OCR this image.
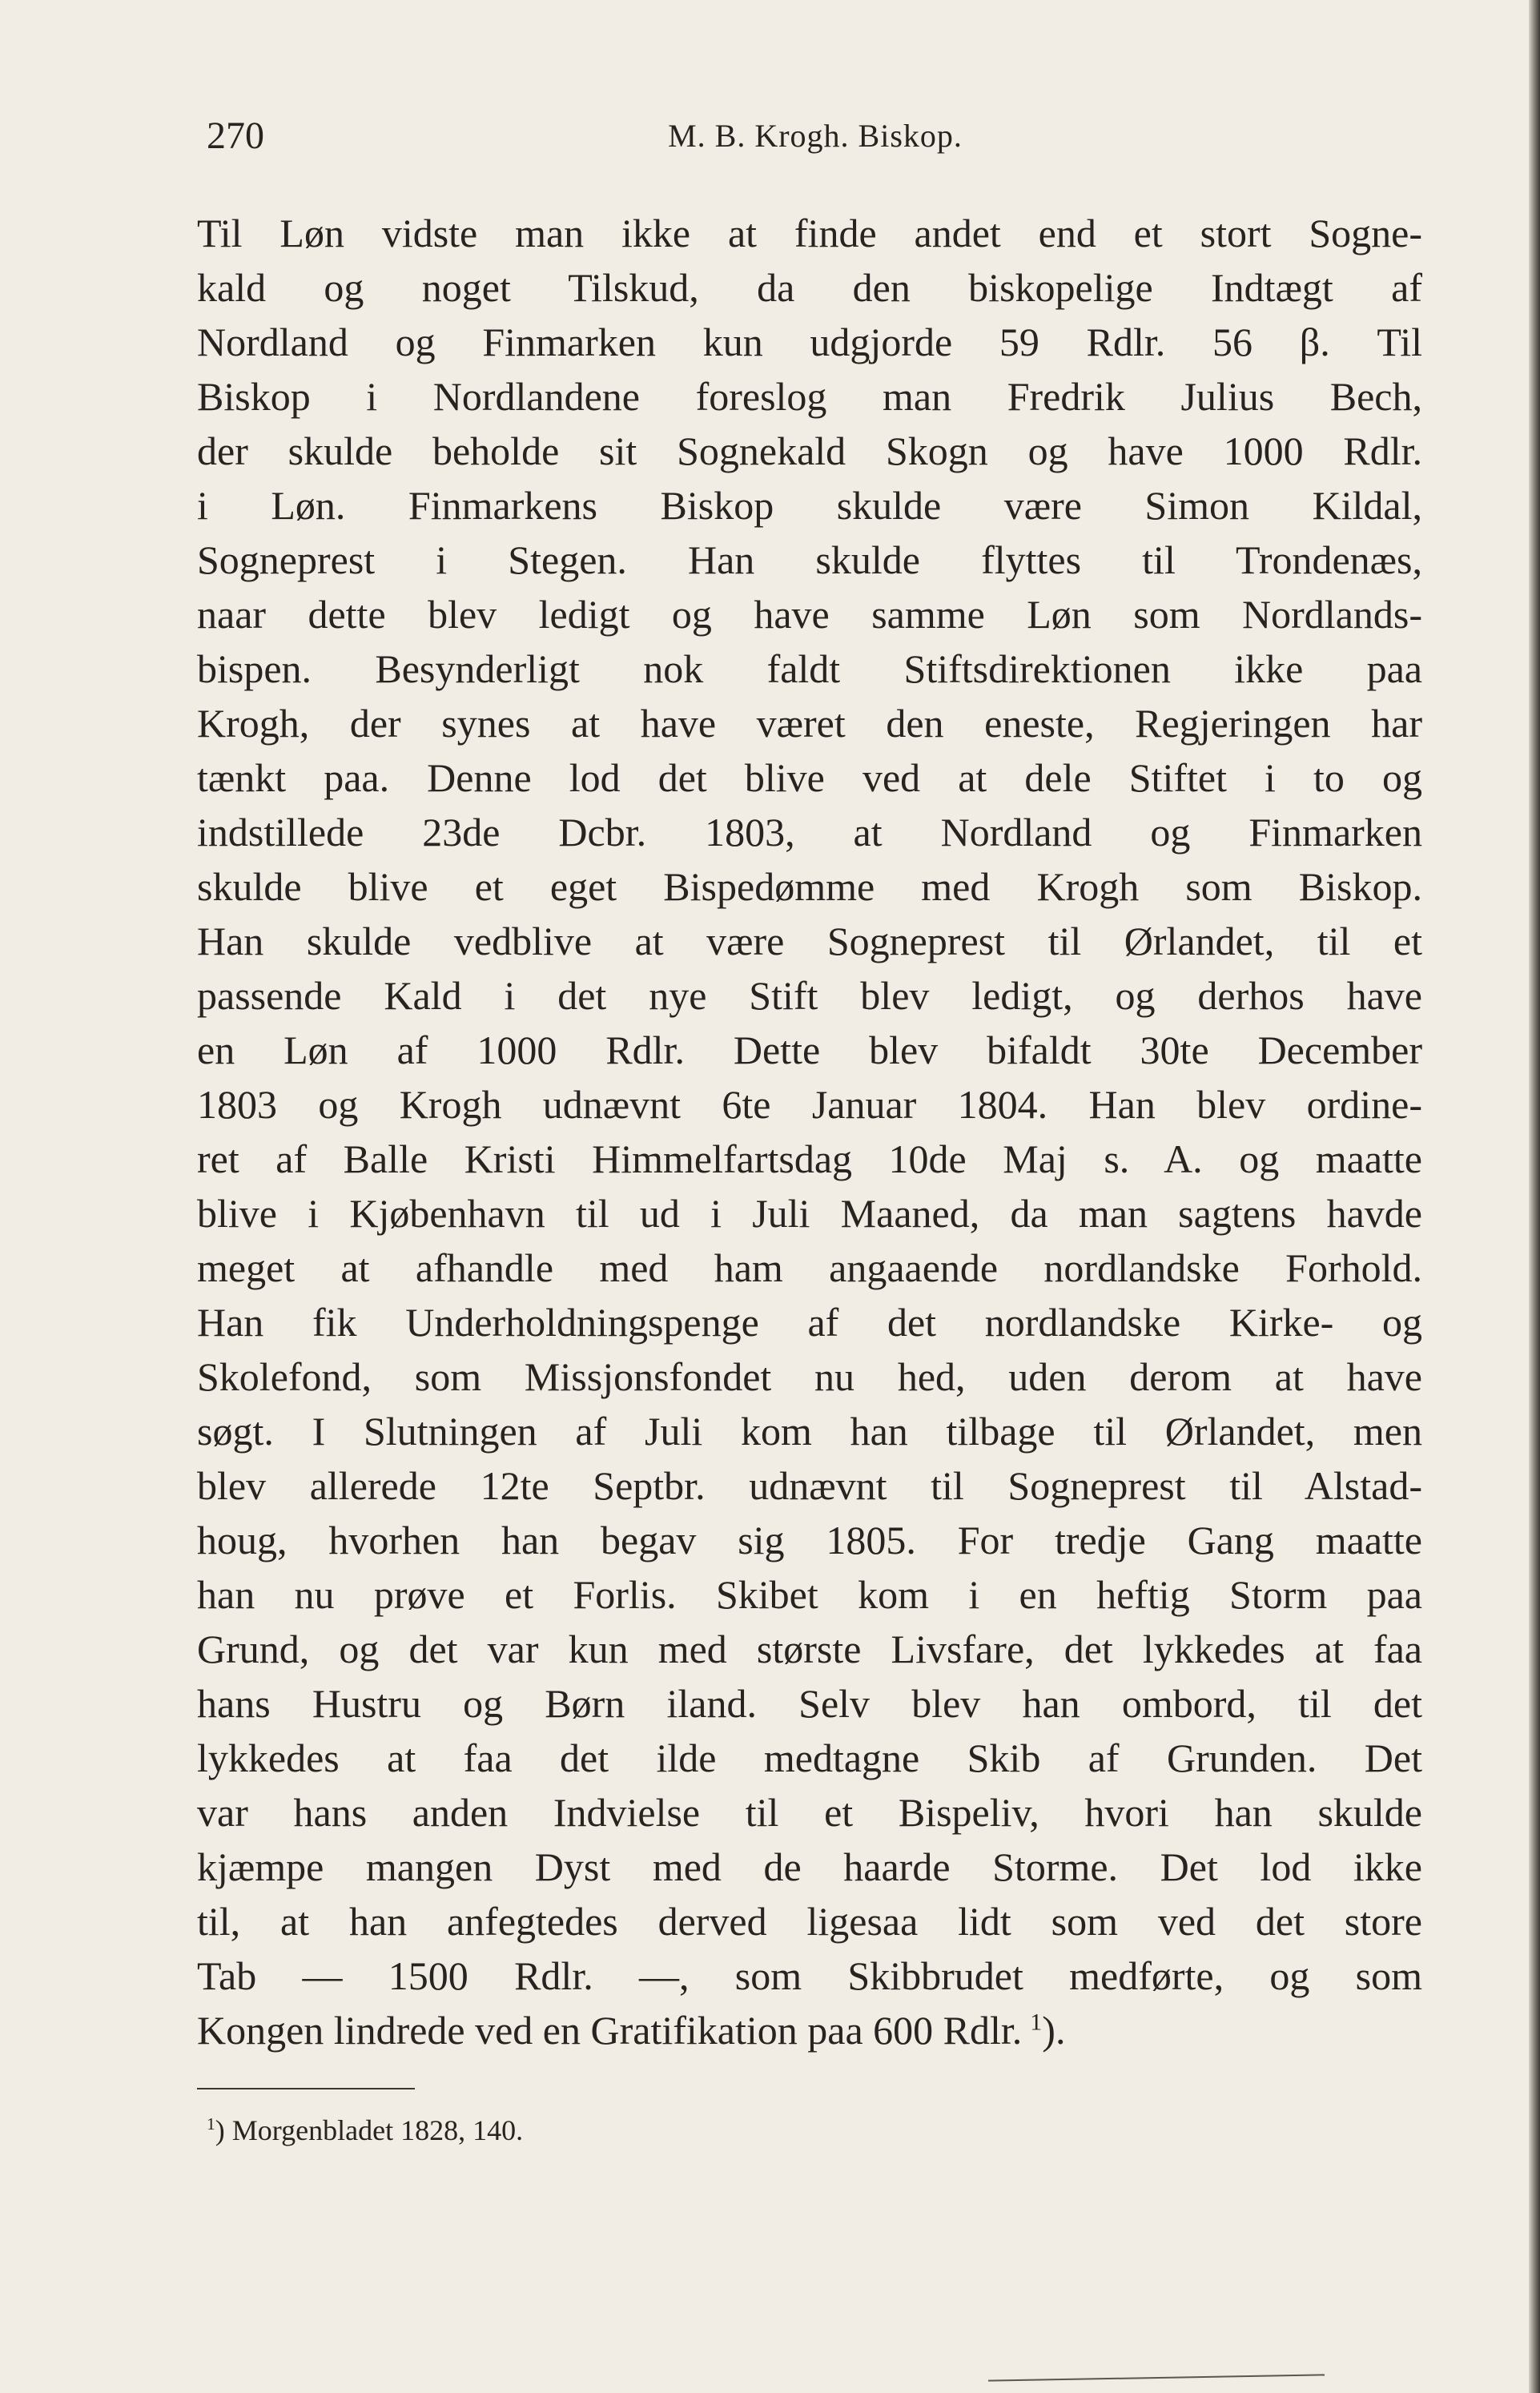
270	M. B. Krogh. Biskop.
Til Løn vidste man ikke at finde andet end et stort Sogne-
kald og noget Tilskud, da den biskopelige Indtægt af
Nordland og Finmarken kun udgjorde 59 Rdlr. 56 β. Til
Biskop i Nordlandene foreslog man Fredrik Julius Bech,
der skulde beholde sit Sognekald Skogn og have 1000 Rdlr.
i Løn. Finmarkens Biskop skulde være Simon Kildal,
Sogneprest i Stegen. Han skulde flyttes til Trondenæs,
naar dette blev ledigt og have samme Løn som Nordlands-
bispen. Besynderligt nok faldt Stiftsdirektionen ikke paa
Krogh, der synes at have været den eneste, Regjeringen har
tænkt paa. Denne lod det blive ved at dele Stiftet i to og
indstillede 23de Dcbr. 1803, at Nordland og Finmarken
skulde blive et eget Bispedømme med Krogh som Biskop.
Han skulde vedblive at være Sogneprest til Ørlandet, til et
passende Kald i det nye Stift blev ledigt, og derhos have
en Løn af 1000 Rdlr. Dette blev bifaldt 30te December
1803 og Krogh udnævnt 6te Januar 1804. Han blev ordine-
ret af Balle Kristi Himmelfartsdag 10de Maj s. A. og maatte
blive i Kjøbenhavn til ud i Juli Maaned, da man sagtens havde
meget at afhandle med ham angaaende nordlandske Forhold.
Han fik Underholdningspenge af det nordlandske Kirke- og
Skolefond, som Missjonsfondet nu hed, uden derom at have
søgt. I Slutningen af Juli kom han tilbage til Ørlandet, men
blev allerede 12te Septbr. udnævnt til Sogneprest til Alstad-
houg, hvorhen han begav sig 1805. For tredje Gang maatte
han nu prøve et Forlis. Skibet kom i en heftig Storm paa
Grund, og det var kun med største Livsfare, det lykkedes at faa
hans Hustru og Børn iland. Selv blev han ombord, til det
lykkedes at faa det ilde medtagne Skib af Grunden. Det
var hans anden Indvielse til et Bispeliv, hvori han skulde
kjæmpe mangen Dyst med de haarde Storme. Det lod ikke
til, at han anfegtedes derved ligesaa lidt som ved det store
Tab — 1500 Rdlr. —, som Skibbrudet medførte, og som
Kongen lindrede ved en Gratifikation paa 600 Rdlr.  $^1$).
$^1$) Morgenbladet 1828, 140.
